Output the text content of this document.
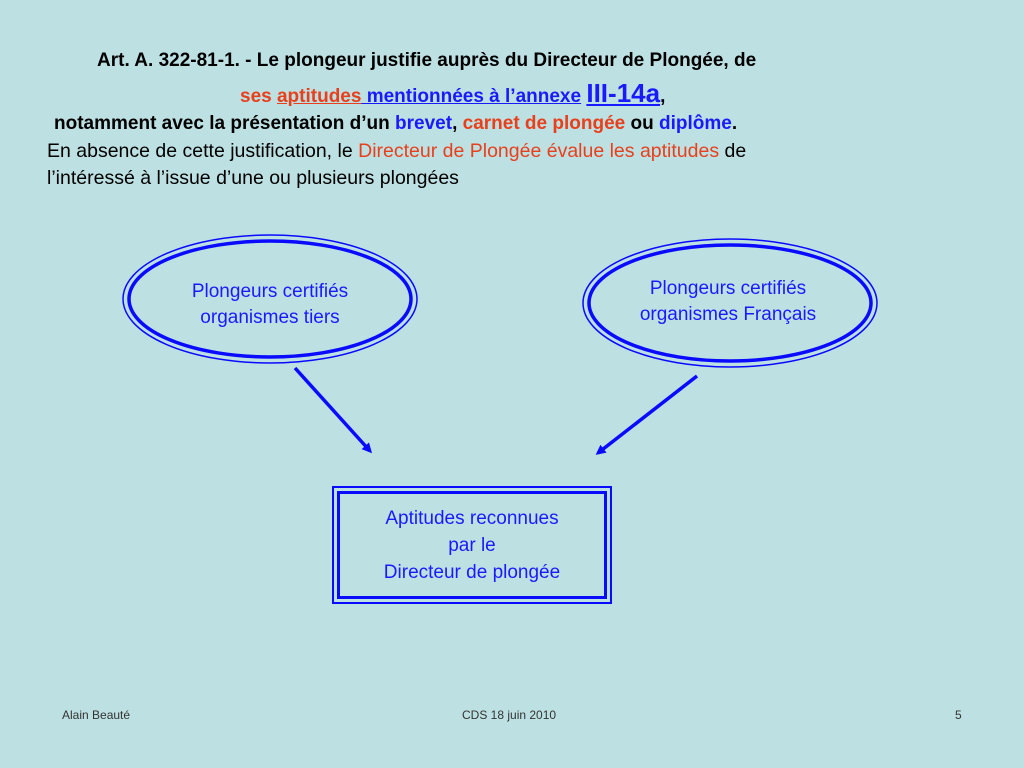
Art. A. 322-81-1. - Le plongeur justifie auprès du Directeur de Plongée, de
ses aptitudes mentionnées à l’annexe III-14a,
notamment avec la présentation d’un brevet, carnet de plongée ou diplôme.
En absence de cette justification, le Directeur de Plongée évalue les aptitudes de
l’intéressé à l’issue d’une ou plusieurs plongées
Plongeurs certifiés
organismes tiers
Plongeurs certifiés
organismes Français
Aptitudes reconnues
par le
Directeur de plongée
Alain Beauté	CDS 18 juin 2010	5
